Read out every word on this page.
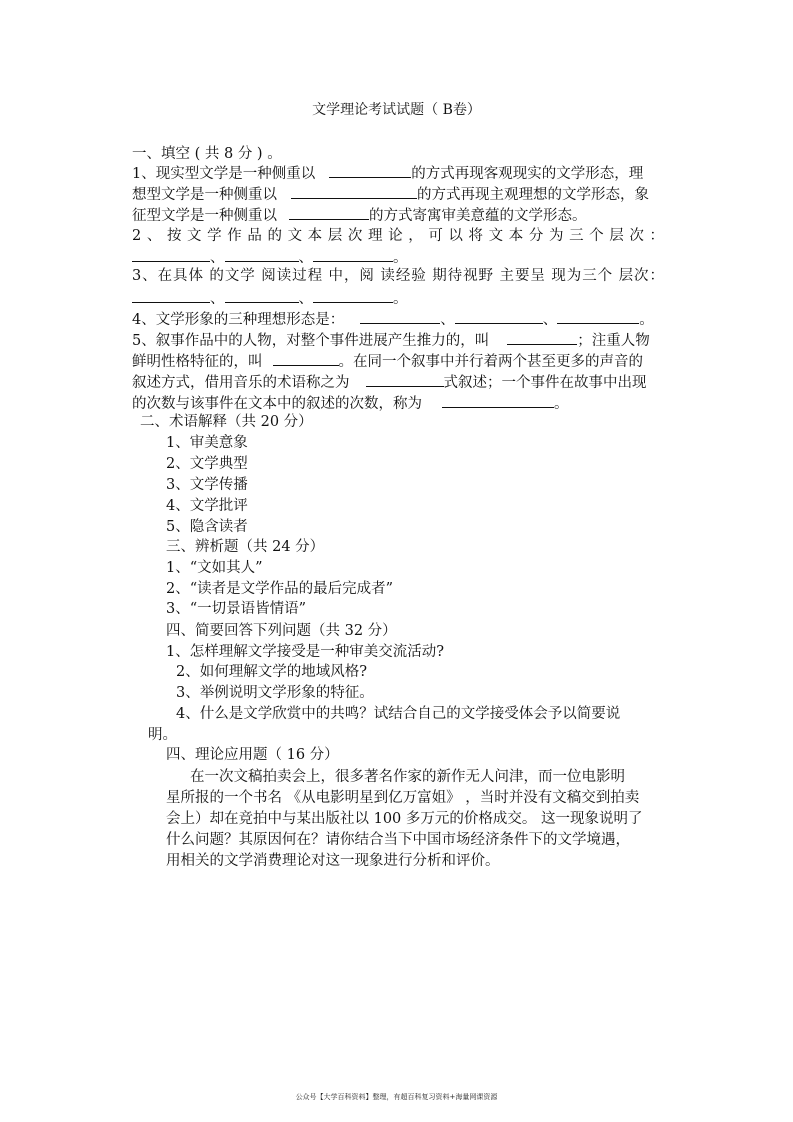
文学理论考试试题（ B卷）
一、填空 ( 共 8 分 ) 。
1、现实型文学是一种侧重以	的方式再现客观现实的文学形态，理
想型文学是一种侧重以	的方式再现主观理想的文学形态，象
征型文学是一种侧重以	的方式寄寓审美意蕴的文学形态。
2、按文学作品的文本层次理论，可以将文本分为三个层次：
、	、	。
3、在具体 的文学 阅读过程 中，阅 读经验 期待视野 主要呈 现为三个 层次：
、	、	。
4、文学形象的三种理想形态是：	、	、	。
5、叙事作品中的人物，对整个事件进展产生推力的，叫	；注重人物
鲜明性格特征的，叫	。在同一个叙事中并行着两个甚至更多的声音的
叙述方式，借用音乐的术语称之为	式叙述；一个事件在故事中出现
的次数与该事件在文本中的叙述的次数，称为	。
二、术语解释（共 20 分）
1、审美意象
2、文学典型
3、文学传播
4、文学批评
5、隐含读者
三、辨析题（共 24 分）
1、“文如其人”
2、“读者是文学作品的最后完成者”
3、“一切景语皆情语”
四、简要回答下列问题（共 32 分）
1、怎样理解文学接受是一种审美交流活动?
2、如何理解文学的地域风格?
3、举例说明文学形象的特征。
4、什么是文学欣赏中的共鸣？试结合自己的文学接受体会予以简要说
明。
四、理论应用题（ 16 分）
在一次文稿拍卖会上，很多著名作家的新作无人问津，而一位电影明
星所报的一个书名 《从电影明星到亿万富姐》 ，当时并没有文稿交到拍卖
会上）却在竞拍中与某出版社以 100 多万元的价格成交。 这一现象说明了
什么问题？其原因何在？请你结合当下中国市场经济条件下的文学境遇，
用相关的文学消费理论对这一现象进行分析和评价。
公众号【大学百科资料】整理，有超百科复习资料+海量网课资源
